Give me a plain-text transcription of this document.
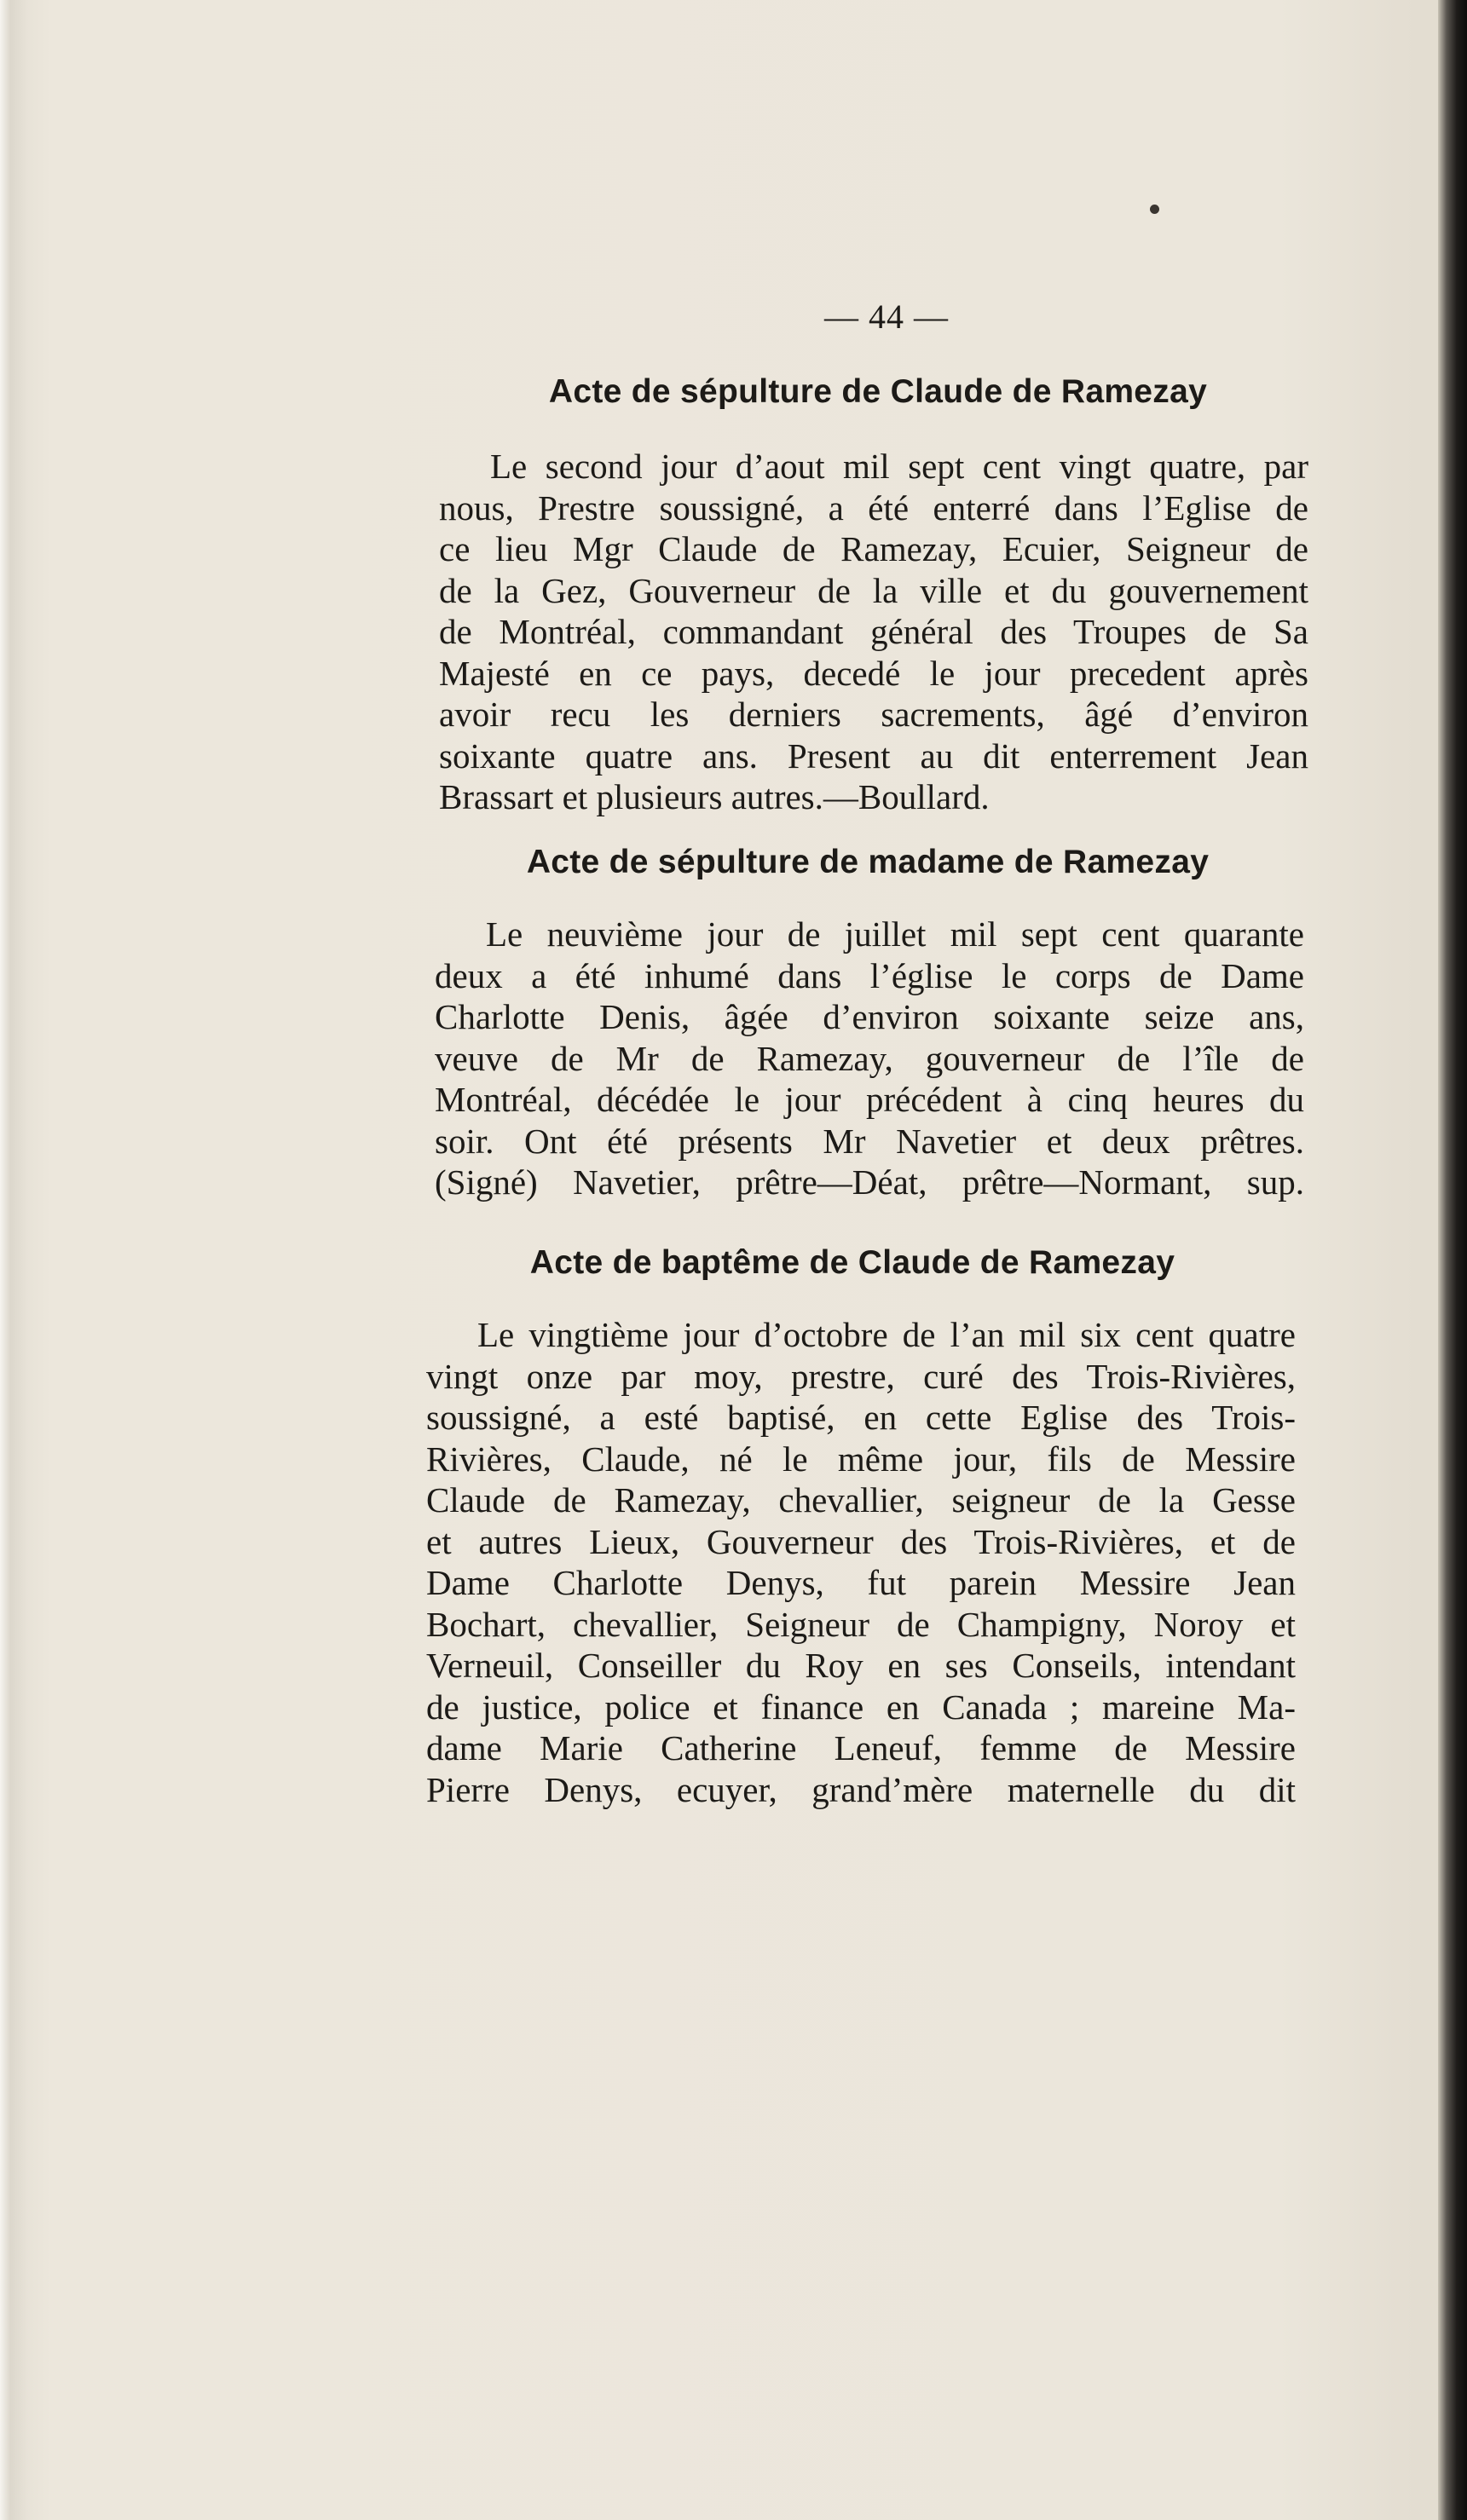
— 44 —

Acte de sépulture de Claude de Ramezay
Le second jour d’aout mil sept cent vingt quatre, par
nous, Prestre soussigné, a été enterré dans l’Eglise de
ce lieu Mgr Claude de Ramezay, Ecuier, Seigneur de
de la Gez, Gouverneur de la ville et du gouvernement
de Montréal, commandant général des Troupes de Sa
Majesté en ce pays, decedé le jour precedent après
avoir recu les derniers sacrements, âgé d’environ
soixante quatre ans. Present au dit enterrement Jean
Brassart et plusieurs autres.—Boullard.
Acte de sépulture de madame de Ramezay
Le neuvième jour de juillet mil sept cent quarante
deux a été inhumé dans l’église le corps de Dame
Charlotte Denis, âgée d’environ soixante seize ans,
veuve de Mr de Ramezay, gouverneur de l’île de
Montréal, décédée le jour précédent à cinq heures du
soir. Ont été présents Mr Navetier et deux prêtres.
(Signé) Navetier, prêtre—Déat, prêtre—Normant, sup.
Acte de baptême de Claude de Ramezay
Le vingtième jour d’octobre de l’an mil six cent quatre
vingt onze par moy, prestre, curé des Trois-Rivières,
soussigné, a esté baptisé, en cette Eglise des Trois-
Rivières, Claude, né le même jour, fils de Messire
Claude de Ramezay, chevallier, seigneur de la Gesse
et autres Lieux, Gouverneur des Trois-Rivières, et de
Dame Charlotte Denys, fut parein Messire Jean
Bochart, chevallier, Seigneur de Champigny, Noroy et
Verneuil, Conseiller du Roy en ses Conseils, intendant
de justice, police et finance en Canada ; mareine Ma-
dame Marie Catherine Leneuf, femme de Messire
Pierre Denys, ecuyer, grand’mère maternelle du dit
